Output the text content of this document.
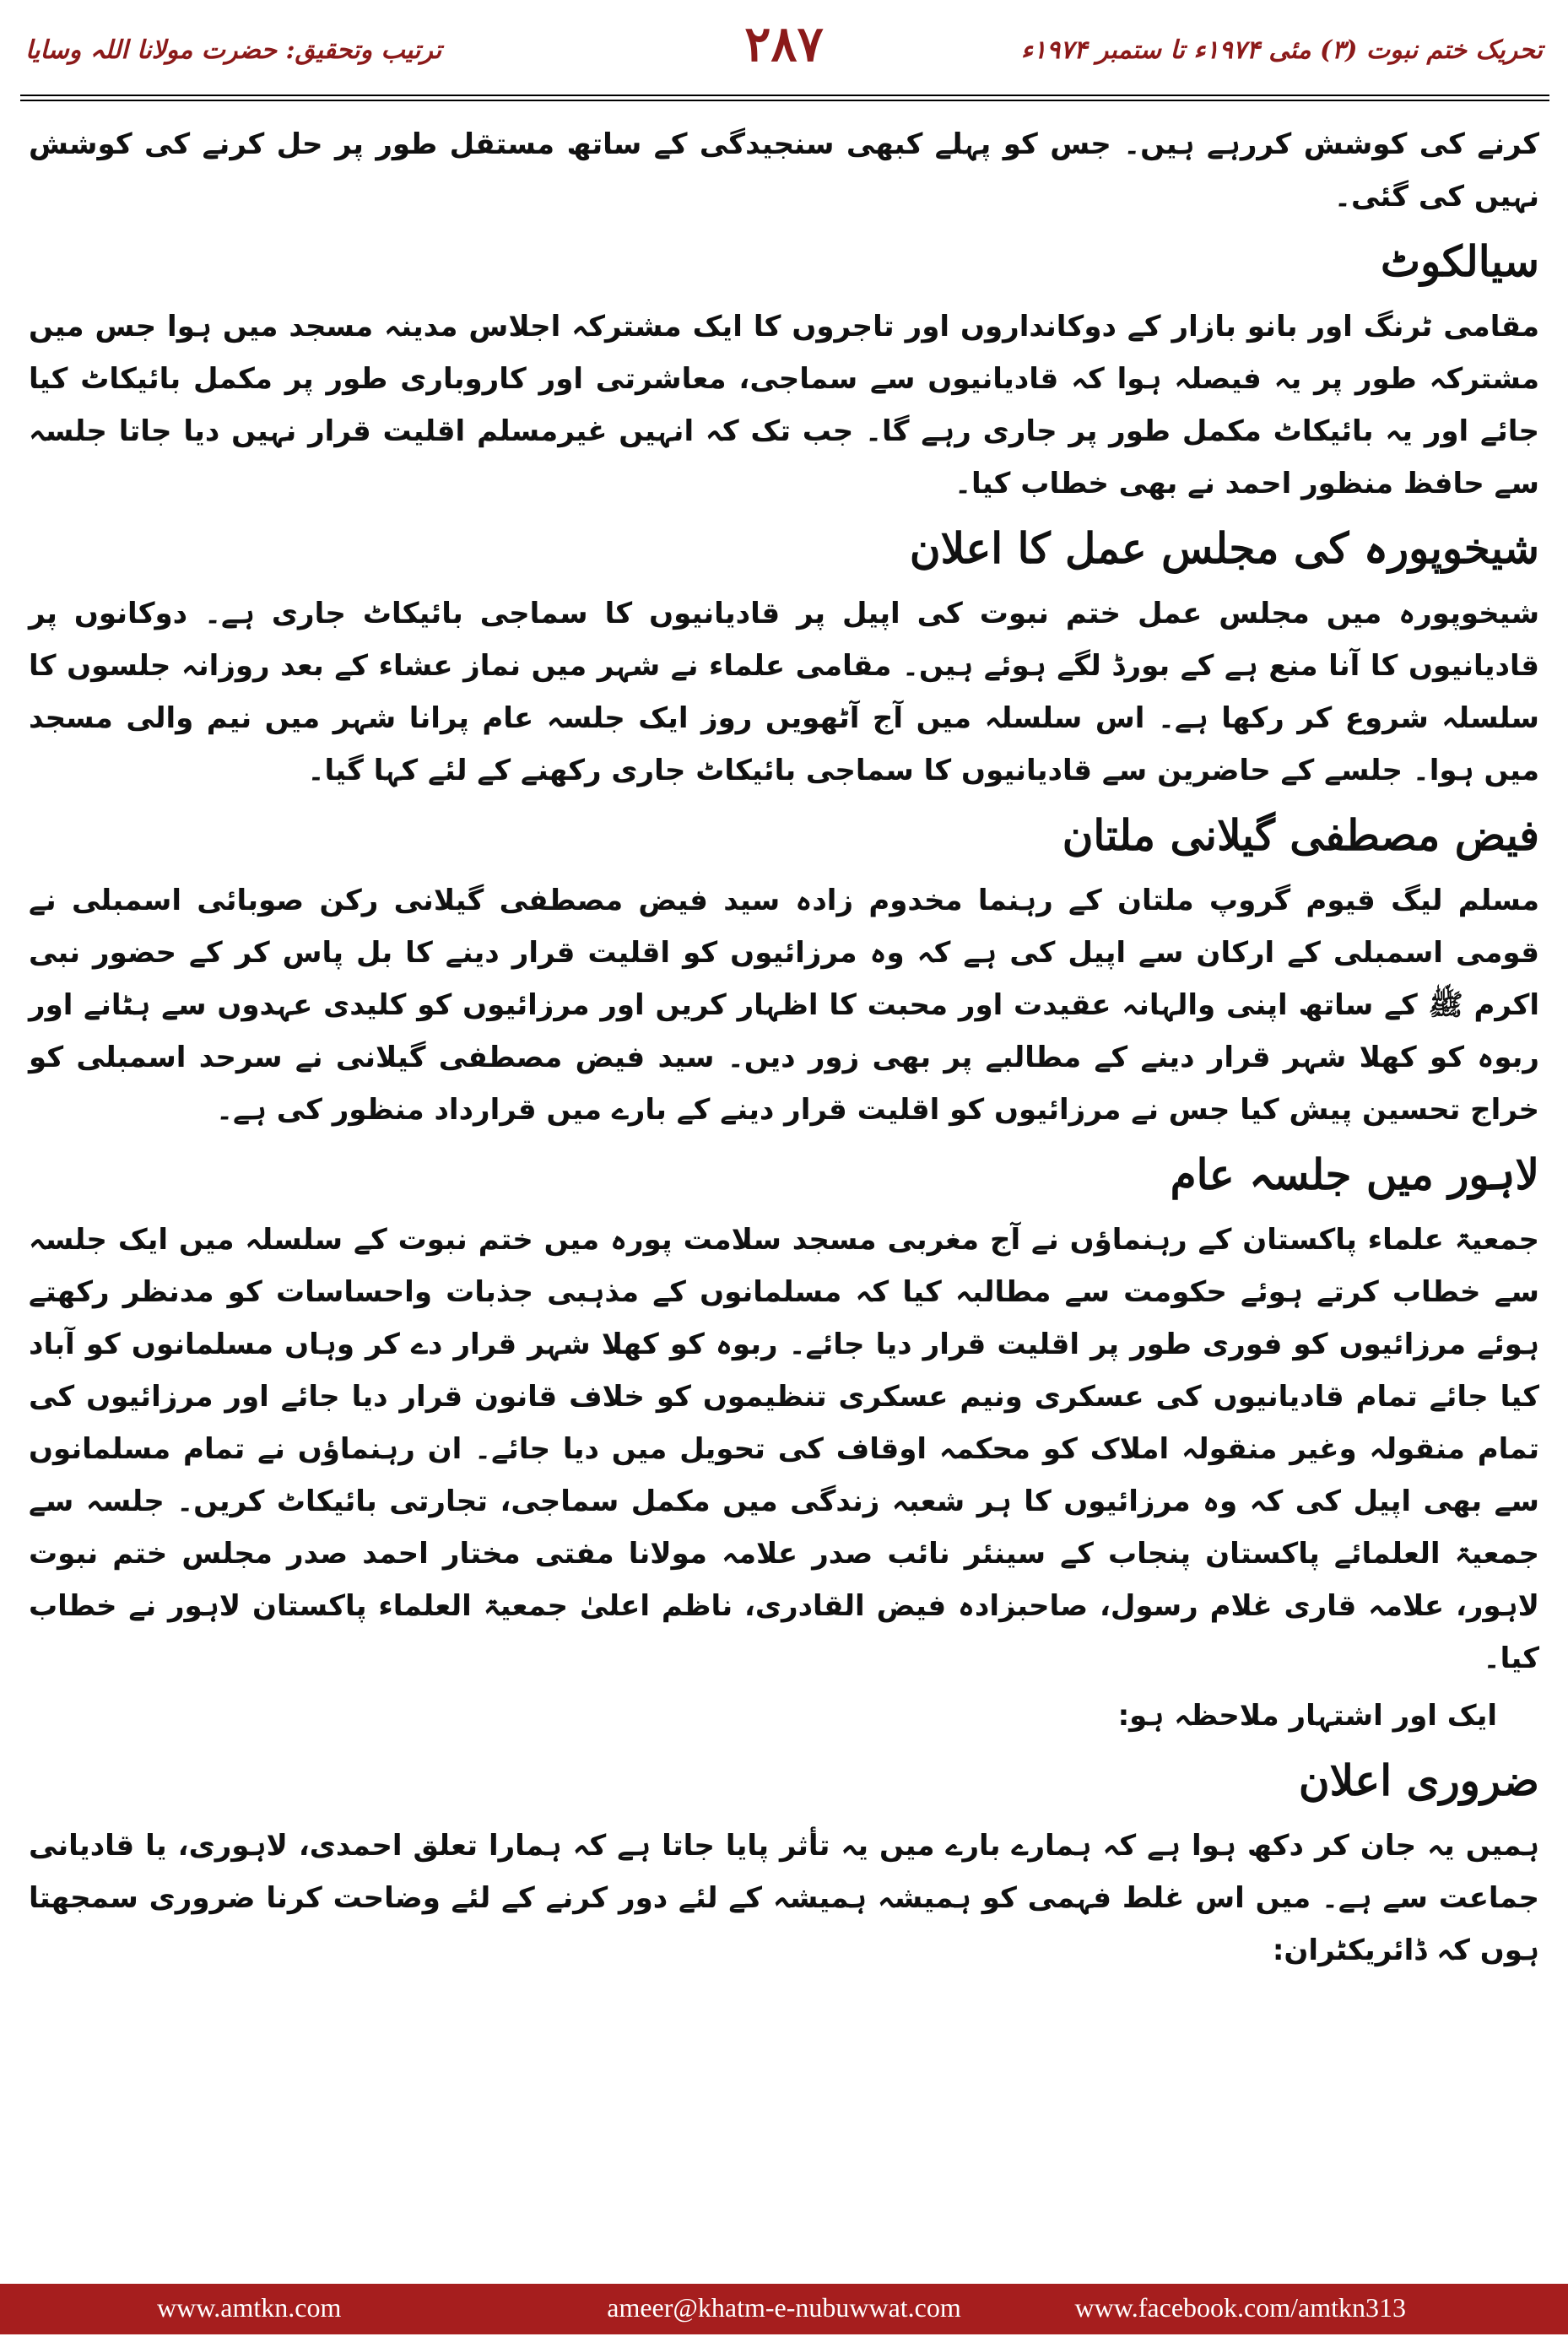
تحریک ختم نبوت (۳) مئی ۱۹۷۴ء تا ستمبر ۱۹۷۴ء
۲۸۷
ترتیب وتحقیق: حضرت مولانا اللہ وسایا

کرنے کی کوشش کررہے ہیں۔ جس کو پہلے کبھی سنجیدگی کے ساتھ مستقل طور پر حل کرنے کی کوشش نہیں کی گئی۔

سیالکوٹ

مقامی ٹرنگ اور بانو بازار کے دوکانداروں اور تاجروں کا ایک مشترکہ اجلاس مدینہ مسجد میں ہوا جس میں مشترکہ طور پر یہ فیصلہ ہوا کہ قادیانیوں سے سماجی، معاشرتی اور کاروباری طور پر مکمل بائیکاٹ کیا جائے اور یہ بائیکاٹ مکمل طور پر جاری رہے گا۔ جب تک کہ انہیں غیرمسلم اقلیت قرار نہیں دیا جاتا جلسہ سے حافظ منظور احمد نے بھی خطاب کیا۔

شیخوپورہ کی مجلس عمل کا اعلان

شیخوپورہ میں مجلس عمل ختم نبوت کی اپیل پر قادیانیوں کا سماجی بائیکاٹ جاری ہے۔ دوکانوں پر قادیانیوں کا آنا منع ہے کے بورڈ لگے ہوئے ہیں۔ مقامی علماء نے شہر میں نماز عشاء کے بعد روزانہ جلسوں کا سلسلہ شروع کر رکھا ہے۔ اس سلسلہ میں آج آٹھویں روز ایک جلسہ عام پرانا شہر میں نیم والی مسجد میں ہوا۔ جلسے کے حاضرین سے قادیانیوں کا سماجی بائیکاٹ جاری رکھنے کے لئے کہا گیا۔

فیض مصطفی گیلانی ملتان

مسلم لیگ قیوم گروپ ملتان کے رہنما مخدوم زادہ سید فیض مصطفی گیلانی رکن صوبائی اسمبلی نے قومی اسمبلی کے ارکان سے اپیل کی ہے کہ وہ مرزائیوں کو اقلیت قرار دینے کا بل پاس کر کے حضور نبی اکرم ﷺ کے ساتھ اپنی والہانہ عقیدت اور محبت کا اظہار کریں اور مرزائیوں کو کلیدی عہدوں سے ہٹانے اور ربوہ کو کھلا شہر قرار دینے کے مطالبے پر بھی زور دیں۔ سید فیض مصطفی گیلانی نے سرحد اسمبلی کو خراج تحسین پیش کیا جس نے مرزائیوں کو اقلیت قرار دینے کے بارے میں قرارداد منظور کی ہے۔

لاہور میں جلسہ عام

جمعیۃ علماء پاکستان کے رہنماؤں نے آج مغربی مسجد سلامت پورہ میں ختم نبوت کے سلسلہ میں ایک جلسہ سے خطاب کرتے ہوئے حکومت سے مطالبہ کیا کہ مسلمانوں کے مذہبی جذبات واحساسات کو مدنظر رکھتے ہوئے مرزائیوں کو فوری طور پر اقلیت قرار دیا جائے۔ ربوہ کو کھلا شہر قرار دے کر وہاں مسلمانوں کو آباد کیا جائے تمام قادیانیوں کی عسکری ونیم عسکری تنظیموں کو خلاف قانون قرار دیا جائے اور مرزائیوں کی تمام منقولہ وغیر منقولہ املاک کو محکمہ اوقاف کی تحویل میں دیا جائے۔ ان رہنماؤں نے تمام مسلمانوں سے بھی اپیل کی کہ وہ مرزائیوں کا ہر شعبہ زندگی میں مکمل سماجی، تجارتی بائیکاٹ کریں۔ جلسہ سے جمعیۃ العلمائے پاکستان پنجاب کے سینئر نائب صدر علامہ مولانا مفتی مختار احمد صدر مجلس ختم نبوت لاہور، علامہ قاری غلام رسول، صاحبزادہ فیض القادری، ناظم اعلیٰ جمعیۃ العلماء پاکستان لاہور نے خطاب کیا۔

ایک اور اشتہار ملاحظہ ہو:

ضروری اعلان

ہمیں یہ جان کر دکھ ہوا ہے کہ ہمارے بارے میں یہ تأثر پایا جاتا ہے کہ ہمارا تعلق احمدی، لاہوری، یا قادیانی جماعت سے ہے۔ میں اس غلط فہمی کو ہمیشہ ہمیشہ کے لئے دور کرنے کے لئے وضاحت کرنا ضروری سمجھتا ہوں کہ ڈائریکٹران:

www.amtkn.com	ameer@khatm-e-nubuwwat.com	www.facebook.com/amtkn313
